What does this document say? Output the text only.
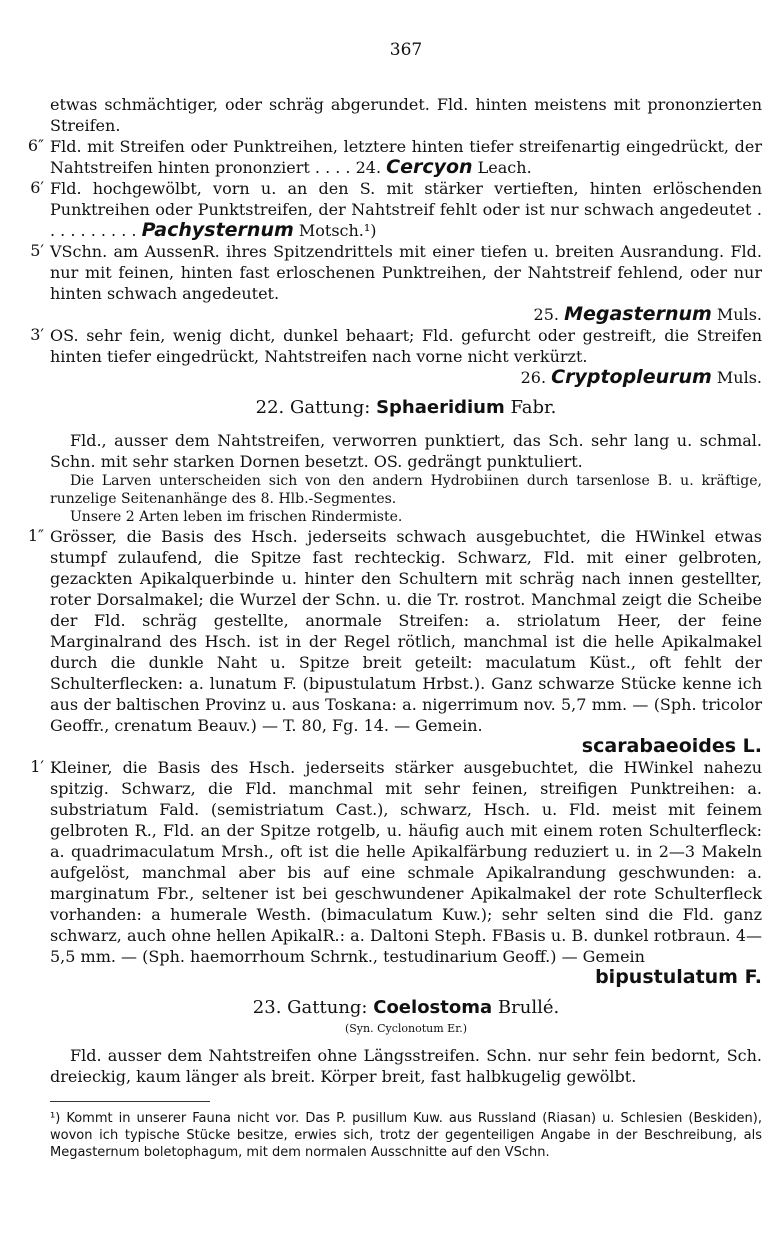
367

etwas schmächtiger, oder schräg abgerundet. Fld. hinten meistens mit prononzierten Streifen.

6″ Fld. mit Streifen oder Punktreihen, letztere hinten tiefer streifenartig eingedrückt, der Nahtstreifen hinten prononziert . . . . 24. Cercyon Leach.

6′ Fld. hochgewölbt, vorn u. an den S. mit stärker vertieften, hinten erlöschenden Punktreihen oder Punktstreifen, der Nahtstreif fehlt oder ist nur schwach angedeutet . . . . . . . . . . Pachysternum Motsch.¹)

5′ VSchn. am AussenR. ihres Spitzendrittels mit einer tiefen u. breiten Ausrandung. Fld. nur mit feinen, hinten fast erloschenen Punktreihen, der Nahtstreif fehlend, oder nur hinten schwach angedeutet.

25. Megasternum Muls.

3′ OS. sehr fein, wenig dicht, dunkel behaart; Fld. gefurcht oder gestreift, die Streifen hinten tiefer eingedrückt, Nahtstreifen nach vorne nicht verkürzt.

26. Cryptopleurum Muls.

22. Gattung: Sphaeridium Fabr.

Fld., ausser dem Nahtstreifen, verworren punktiert, das Sch. sehr lang u. schmal. Schn. mit sehr starken Dornen besetzt. OS. gedrängt punktuliert.

Die Larven unterscheiden sich von den andern Hydrobiinen durch tarsenlose B. u. kräftige, runzelige Seitenanhänge des 8. Hlb.-Segmentes.

Unsere 2 Arten leben im frischen Rindermiste.

1″ Grösser, die Basis des Hsch. jederseits schwach ausgebuchtet, die HWinkel etwas stumpf zulaufend, die Spitze fast rechteckig. Schwarz, Fld. mit einer gelbroten, gezackten Apikalquerbinde u. hinter den Schultern mit schräg nach innen gestellter, roter Dorsalmakel; die Wurzel der Schn. u. die Tr. rostrot. Manchmal zeigt die Scheibe der Fld. schräg gestellte, anormale Streifen: a. striolatum Heer, der feine Marginalrand des Hsch. ist in der Regel rötlich, manchmal ist die helle Apikalmakel durch die dunkle Naht u. Spitze breit geteilt: maculatum Küst., oft fehlt der Schulterflecken: a. lunatum F. (bipustulatum Hrbst.). Ganz schwarze Stücke kenne ich aus der baltischen Provinz u. aus Toskana: a. nigerrimum nov. 5,7 mm. — (Sph. tricolor Geoffr., crenatum Beauv.) — T. 80, Fg. 14. — Gemein.

scarabaeoides L.

1′ Kleiner, die Basis des Hsch. jederseits stärker ausgebuchtet, die HWinkel nahezu spitzig. Schwarz, die Fld. manchmal mit sehr feinen, streifigen Punktreihen: a. substriatum Fald. (semistriatum Cast.), schwarz, Hsch. u. Fld. meist mit feinem gelbroten R., Fld. an der Spitze rotgelb, u. häufig auch mit einem roten Schulterfleck: a. quadrimaculatum Mrsh., oft ist die helle Apikalfärbung reduziert u. in 2—3 Makeln aufgelöst, manchmal aber bis auf eine schmale Apikalrandung geschwunden: a. marginatum Fbr., seltener ist bei geschwundener Apikalmakel der rote Schulterfleck vorhanden: a humerale Westh. (bimaculatum Kuw.); sehr selten sind die Fld. ganz schwarz, auch ohne hellen ApikalR.: a. Daltoni Steph. FBasis u. B. dunkel rotbraun. 4—5,5 mm. — (Sph. haemorrhoum Schrnk., testudinarium Geoff.) — Gemein

bipustulatum F.

23. Gattung: Coelostoma Brullé.

(Syn. Cyclonotum Er.)

Fld. ausser dem Nahtstreifen ohne Längsstreifen. Schn. nur sehr fein bedornt, Sch. dreieckig, kaum länger als breit. Körper breit, fast halbkugelig gewölbt.

¹) Kommt in unserer Fauna nicht vor. Das P. pusillum Kuw. aus Russland (Riasan) u. Schlesien (Beskiden), wovon ich typische Stücke besitze, erwies sich, trotz der gegenteiligen Angabe in der Beschreibung, als Megasternum boletophagum, mit dem normalen Ausschnitte auf den VSchn.
